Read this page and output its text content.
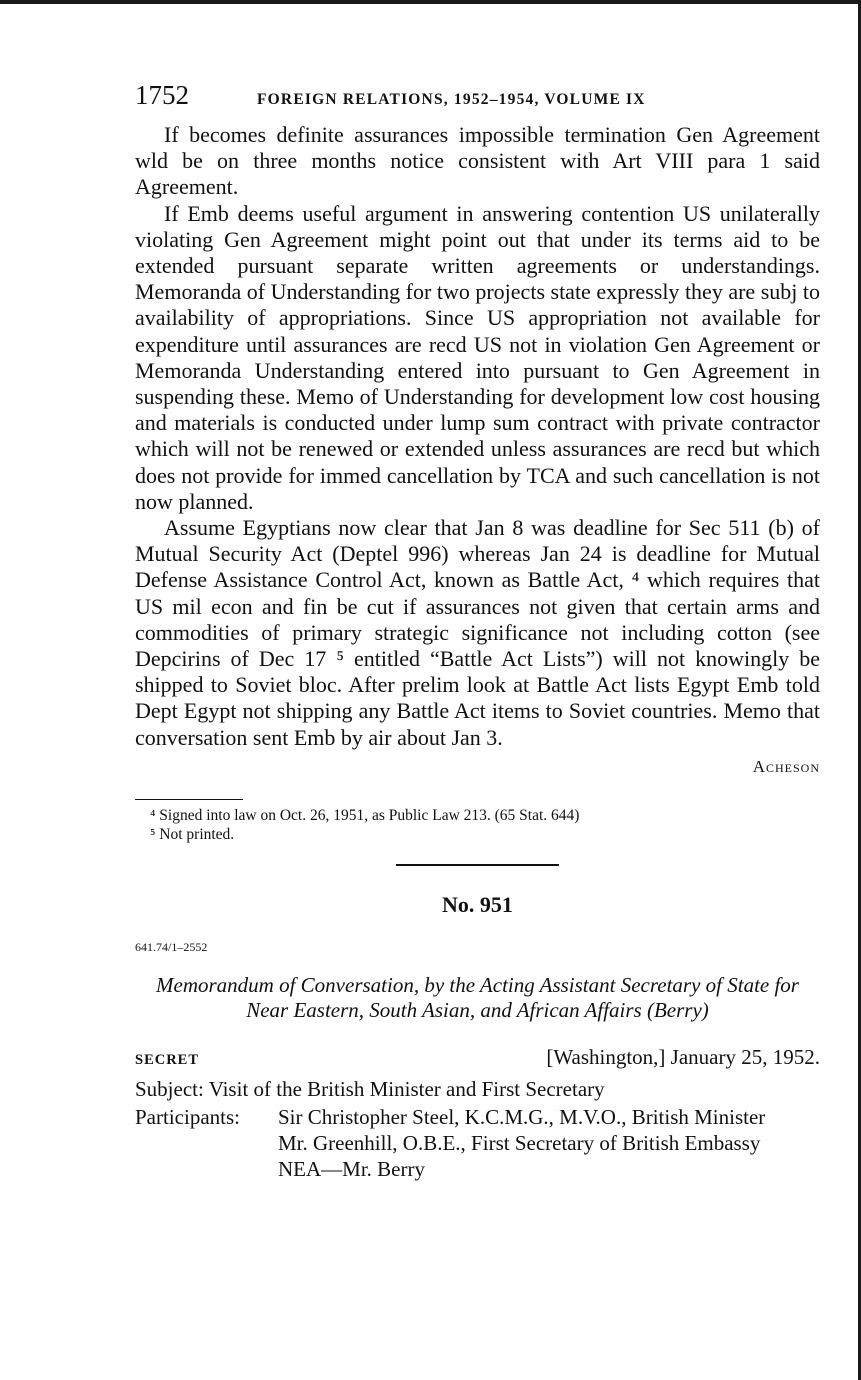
1752	FOREIGN RELATIONS, 1952–1954, VOLUME IX

If becomes definite assurances impossible termination Gen Agreement wld be on three months notice consistent with Art VIII para 1 said Agreement.

If Emb deems useful argument in answering contention US unilaterally violating Gen Agreement might point out that under its terms aid to be extended pursuant separate written agreements or understandings. Memoranda of Understanding for two projects state expressly they are subj to availability of appropriations. Since US appropriation not available for expenditure until assurances are recd US not in violation Gen Agreement or Memoranda Understanding entered into pursuant to Gen Agreement in suspending these. Memo of Understanding for development low cost housing and materials is conducted under lump sum contract with private contractor which will not be renewed or extended unless assurances are recd but which does not provide for immed cancellation by TCA and such cancellation is not now planned.

Assume Egyptians now clear that Jan 8 was deadline for Sec 511 (b) of Mutual Security Act (Deptel 996) whereas Jan 24 is deadline for Mutual Defense Assistance Control Act, known as Battle Act, ⁴ which requires that US mil econ and fin be cut if assurances not given that certain arms and commodities of primary strategic significance not including cotton (see Depcirins of Dec 17 ⁵ entitled “Battle Act Lists”) will not knowingly be shipped to Soviet bloc. After prelim look at Battle Act lists Egypt Emb told Dept Egypt not shipping any Battle Act items to Soviet countries. Memo that conversation sent Emb by air about Jan 3.

Acheson
⁴ Signed into law on Oct. 26, 1951, as Public Law 213. (65 Stat. 644)
⁵ Not printed.
No. 951
641.74/1–2552
Memorandum of Conversation, by the Acting Assistant Secretary of State for Near Eastern, South Asian, and African Affairs (Berry)
SECRET	[Washington,] January 25, 1952.
Subject: Visit of the British Minister and First Secretary
Participants:	Sir Christopher Steel, K.C.M.G., M.V.O., British Minister
Mr. Greenhill, O.B.E., First Secretary of British Embassy
NEA—Mr. Berry
